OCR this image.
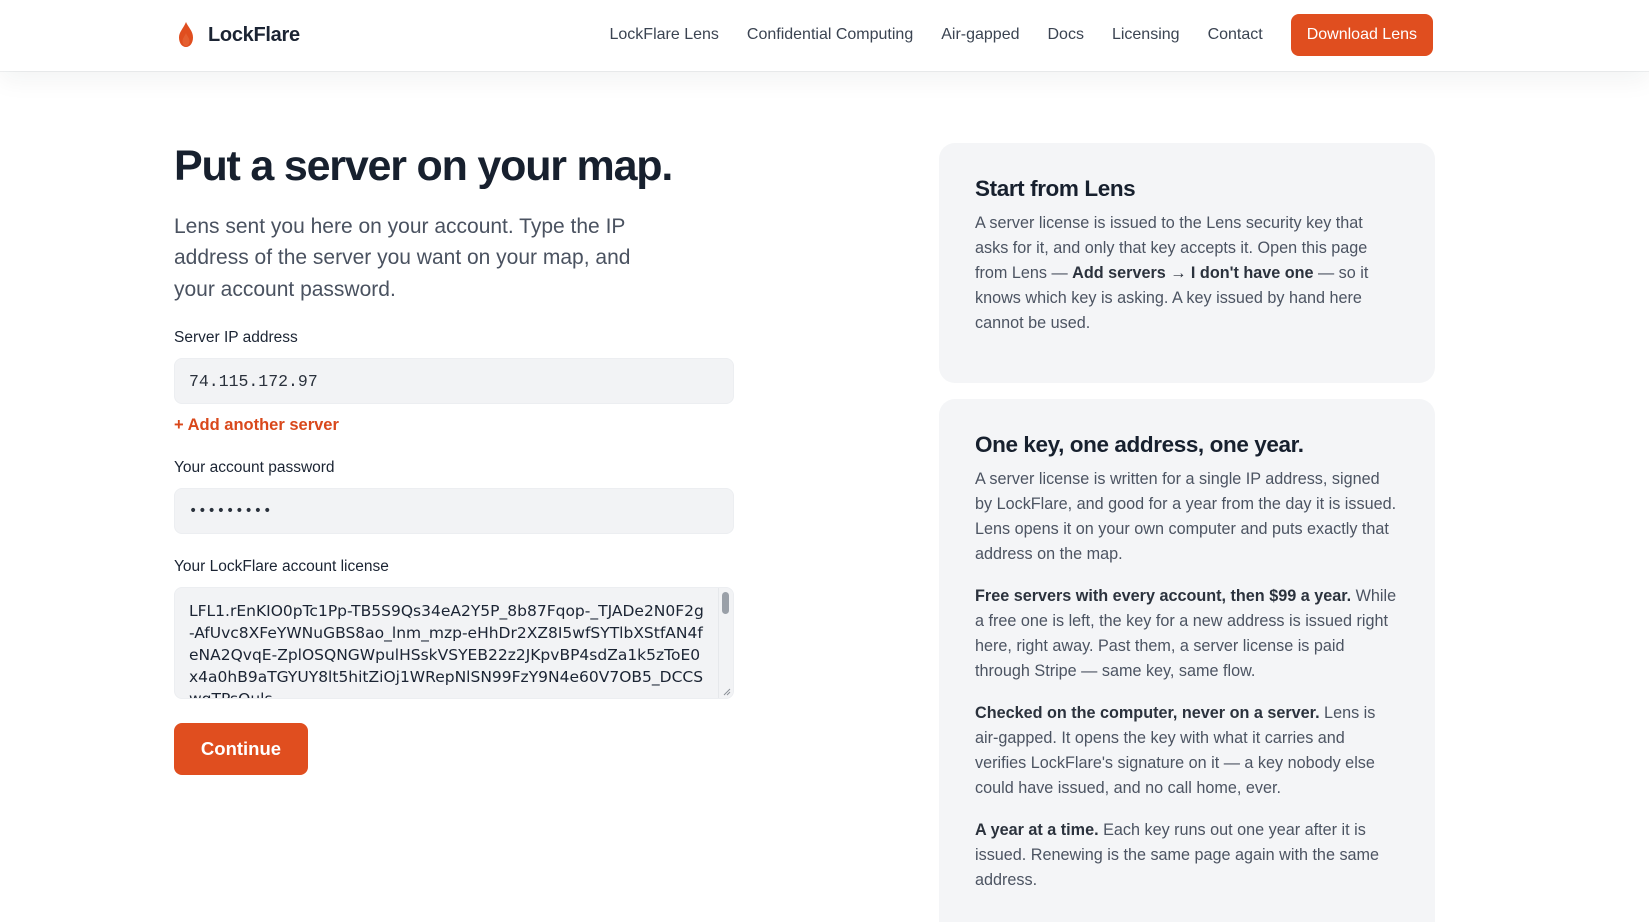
LockFlare	LockFlare Lens Confidential Computing Air-gapped Docs Licensing Contact	Download Lens
Put a server on your map.

Lens sent you here on your account. Type the IP address of the server you want on your map, and your account password.

Server IP address
74.115.172.97 + Add another server
Your account password
•••••••••
Your LockFlare account license
LFL1.rEnKIO0pTc1Pp-TB5S9Qs34eA2Y5P_8b87Fqop-_TJADe2N0F2g-AfUvc8XFeYWNuGBS8ao_lnm_mzp-eHhDr2XZ8I5wfSYTlbXStfAN4feNA2QvqE-ZplOSQNGWpulHSskVSYEB22z2JKpvBP4sdZa1k5zToE0x4a0hB9aTGYUY8lt5hitZiOj1WRepNlSN99FzY9N4e60V7OB5_DCCSwqTPsOuls
Continue
Start from Lens

A server license is issued to the Lens security key that asks for it, and only that key accepts it. Open this page from Lens — Add servers → I don't have one — so it knows which key is asking. A key issued by hand here cannot be used.

One key, one address, one year.

A server license is written for a single IP address, signed by LockFlare, and good for a year from the day it is issued. Lens opens it on your own computer and puts exactly that address on the map.

Free servers with every account, then $99 a year. While a free one is left, the key for a new address is issued right here, right away. Past them, a server license is paid through Stripe — same key, same flow.

Checked on the computer, never on a server. Lens is air-gapped. It opens the key with what it carries and verifies LockFlare's signature on it — a key nobody else could have issued, and no call home, ever.

A year at a time. Each key runs out one year after it is issued. Renewing is the same page again with the same address.
